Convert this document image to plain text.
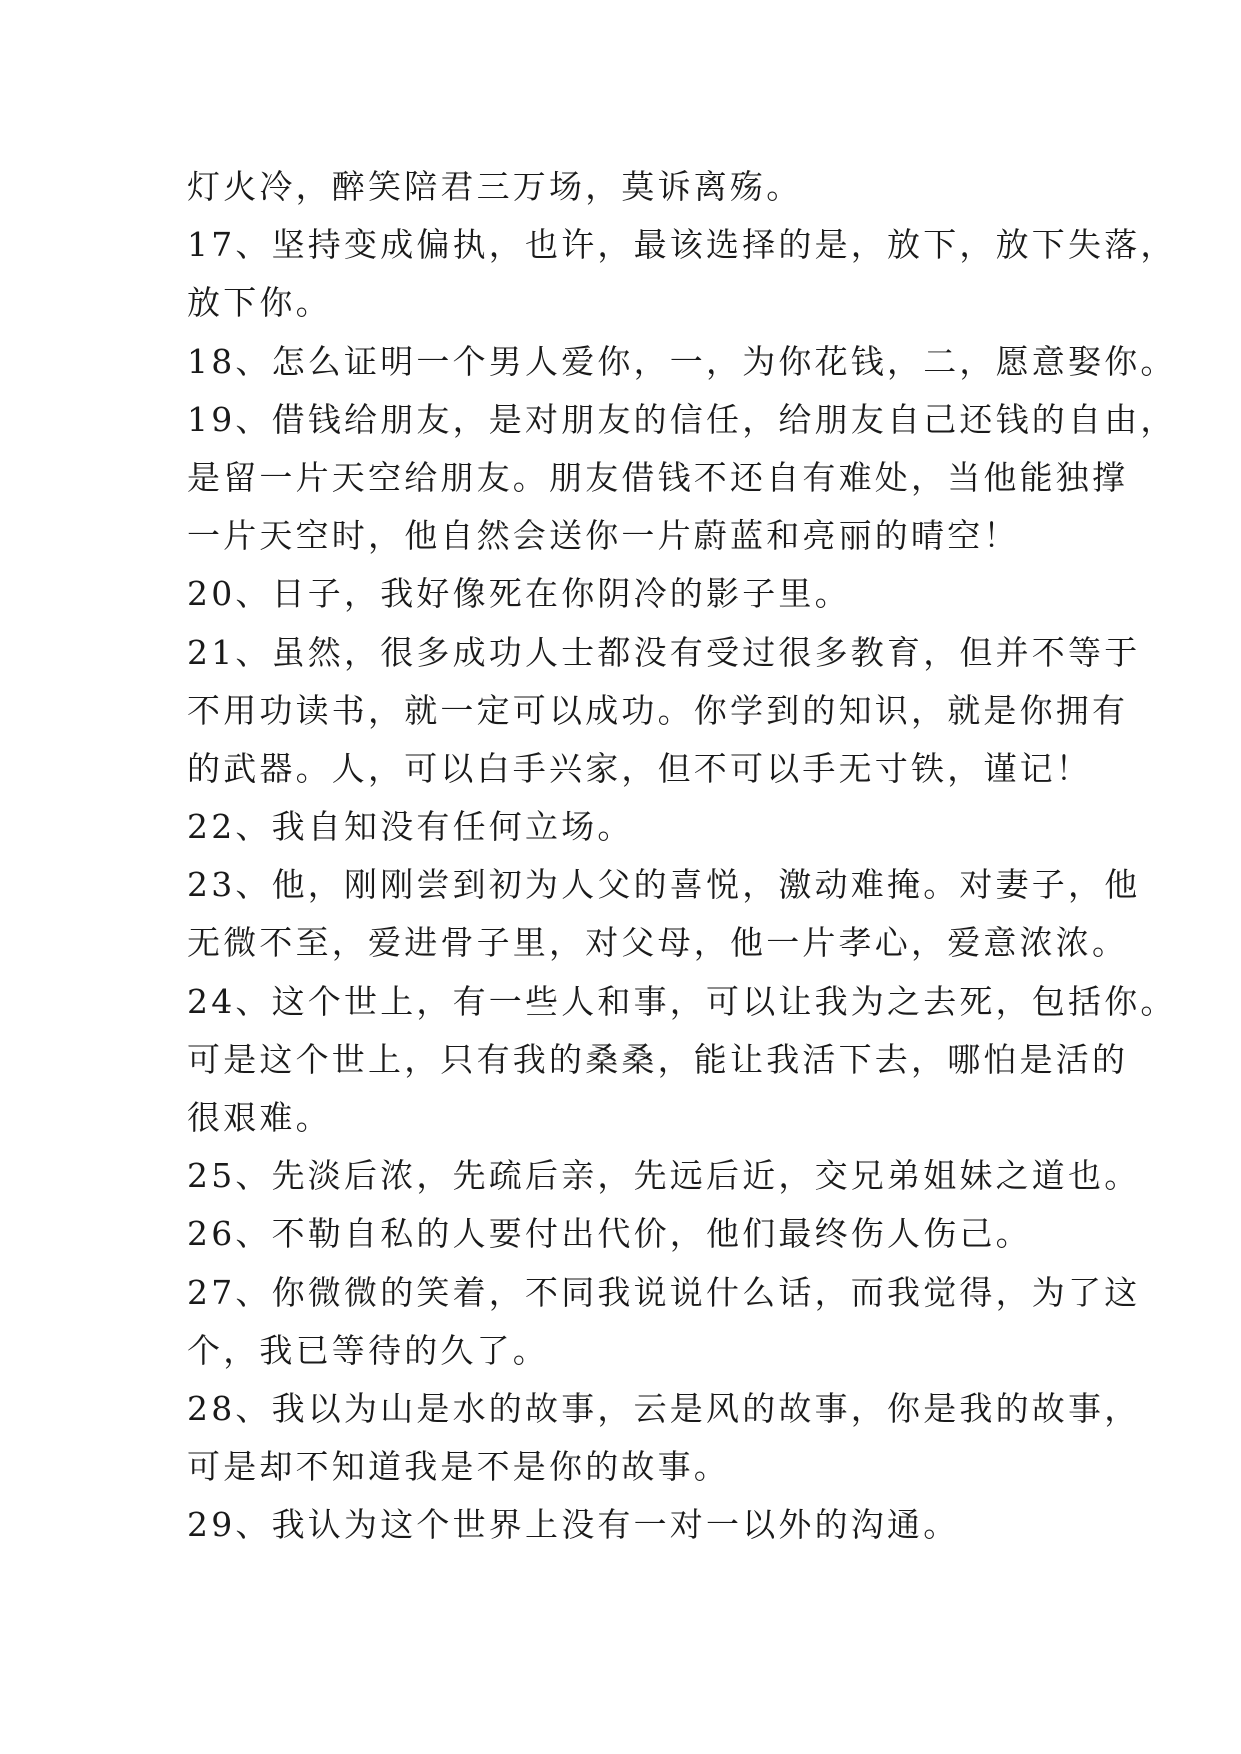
灯火冷，醉笑陪君三万场，莫诉离殇。
17、坚持变成偏执，也许，最该选择的是，放下，放下失落，
放下你。
18、怎么证明一个男人爱你，一，为你花钱，二，愿意娶你。
19、借钱给朋友，是对朋友的信任，给朋友自己还钱的自由，
是留一片天空给朋友。朋友借钱不还自有难处，当他能独撑
一片天空时，他自然会送你一片蔚蓝和亮丽的晴空！
20、日子，我好像死在你阴冷的影子里。
21、虽然，很多成功人士都没有受过很多教育，但并不等于
不用功读书，就一定可以成功。你学到的知识，就是你拥有
的武器。人，可以白手兴家，但不可以手无寸铁，谨记！
22、我自知没有任何立场。
23、他，刚刚尝到初为人父的喜悦，激动难掩。对妻子，他
无微不至，爱进骨子里，对父母，他一片孝心，爱意浓浓。
24、这个世上，有一些人和事，可以让我为之去死，包括你。
可是这个世上，只有我的桑桑，能让我活下去，哪怕是活的
很艰难。
25、先淡后浓，先疏后亲，先远后近，交兄弟姐妹之道也。
26、不勒自私的人要付出代价，他们最终伤人伤己。
27、你微微的笑着，不同我说说什么话，而我觉得，为了这
个，我已等待的久了。
28、我以为山是水的故事，云是风的故事，你是我的故事，
可是却不知道我是不是你的故事。
29、我认为这个世界上没有一对一以外的沟通。
